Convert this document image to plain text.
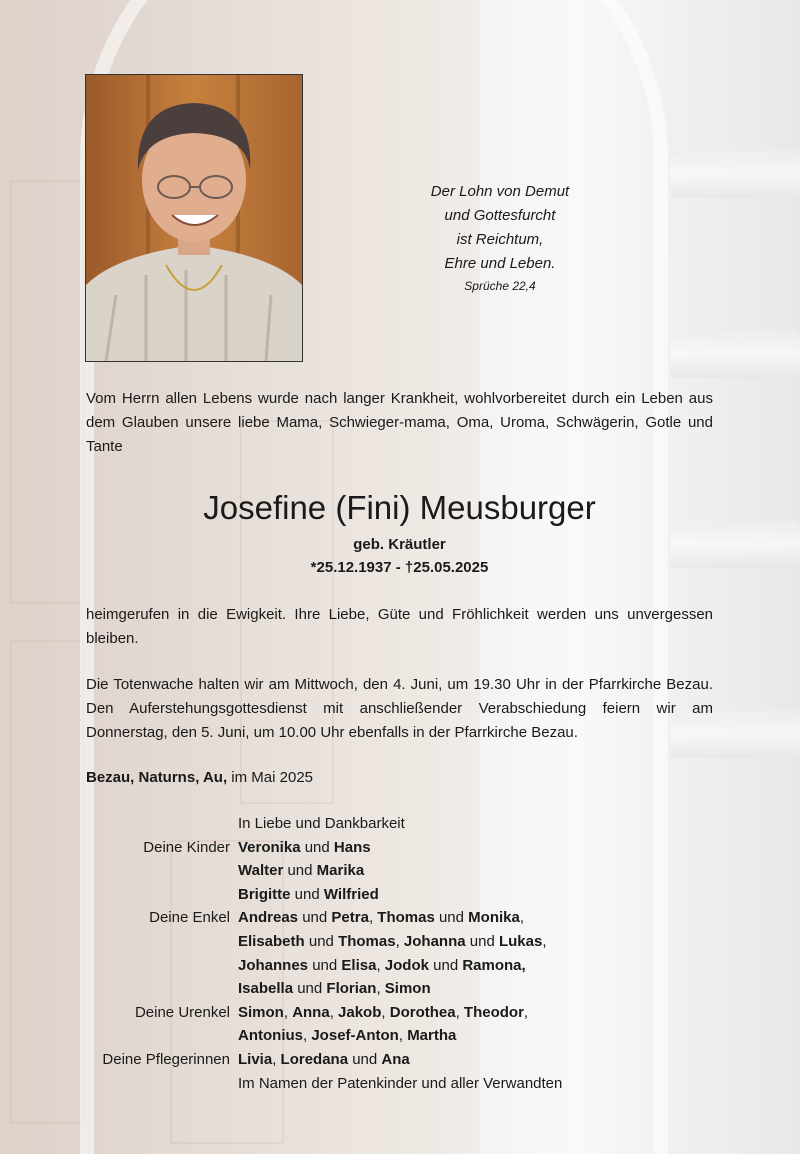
Der Lohn von Demut
und Gottesfurcht
ist Reichtum,
Ehre und Leben.
Sprüche 22,4
Vom Herrn allen Lebens wurde nach langer Krankheit, wohlvorbereitet durch ein Leben aus dem Glauben unsere liebe Mama, Schwieger-mama, Oma, Uroma, Schwägerin, Gotle und Tante
Josefine (Fini) Meusburger
geb. Kräutler
*25.12.1937 - †25.05.2025
heimgerufen in die Ewigkeit. Ihre Liebe, Güte und Fröhlichkeit werden uns unvergessen bleiben.
Die Totenwache halten wir am Mittwoch, den 4. Juni, um 19.30 Uhr in der Pfarrkirche Bezau. Den Auferstehungsgottesdienst mit anschließender Verabschiedung feiern wir am Donnerstag, den 5. Juni, um 10.00 Uhr ebenfalls in der Pfarrkirche Bezau.
Bezau, Naturns, Au, im Mai 2025
In Liebe und Dankbarkeit
Deine Kinder Veronika und Hans
Walter und Marika
Brigitte und Wilfried
Deine Enkel Andreas und Petra, Thomas und Monika,
Elisabeth und Thomas, Johanna und Lukas,
Johannes und Elisa, Jodok und Ramona,
Isabella und Florian, Simon
Deine Urenkel Simon, Anna, Jakob, Dorothea, Theodor,
Antonius, Josef-Anton, Martha
Deine Pflegerinnen Livia, Loredana und Ana
Im Namen der Patenkinder und aller Verwandten
